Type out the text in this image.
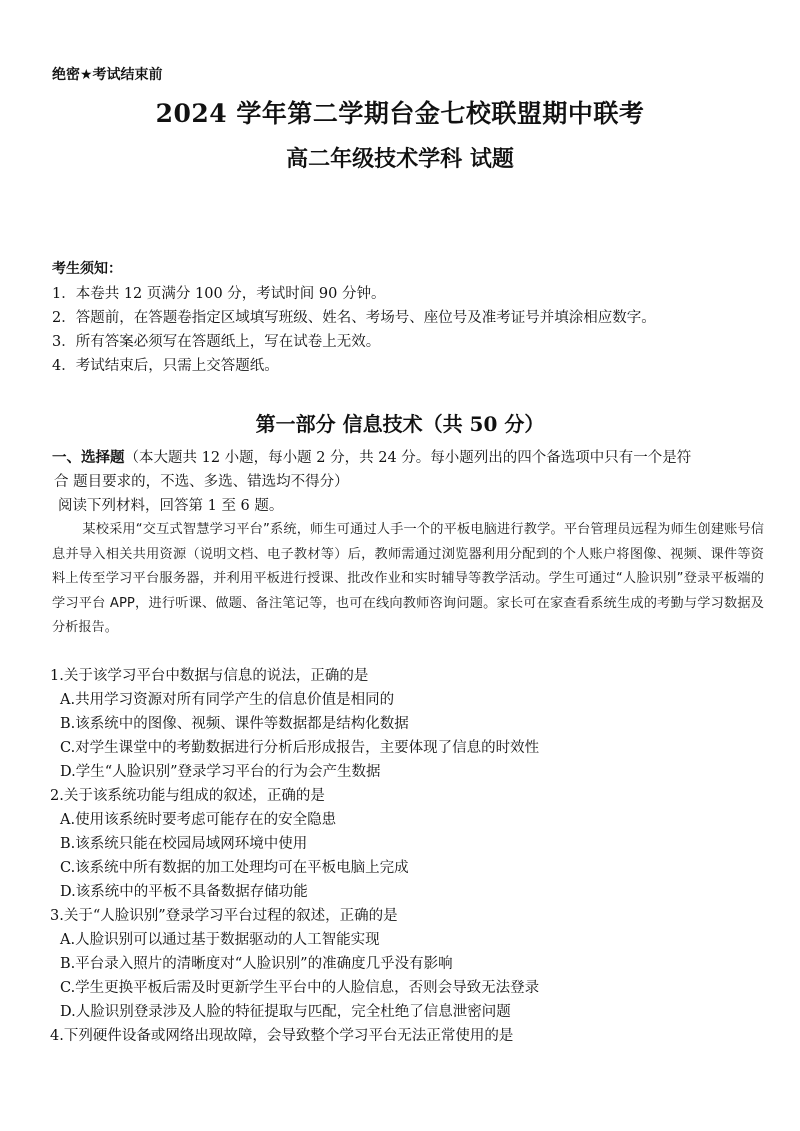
绝密★考试结束前
2024 学年第二学期台金七校联盟期中联考
高二年级技术学科 试题
考生须知：
1．本卷共 12 页满分 100 分，考试时间 90 分钟。
2．答题前，在答题卷指定区域填写班级、姓名、考场号、座位号及准考证号并填涂相应数字。
3．所有答案必须写在答题纸上，写在试卷上无效。
4．考试结束后，只需上交答题纸。
第一部分 信息技术（共 50 分）
一、选择题（本大题共 12 小题，每小题 2 分，共 24 分。每小题列出的四个备选项中只有一个是符
合 题目要求的，不选、多选、错选均不得分）
阅读下列材料，回答第 1 至 6 题。
某校采用“交互式智慧学习平台”系统，师生可通过人手一个的平板电脑进行教学。平台管理员远程为师生创建账号信息并导入相关共用资源（说明文档、电子教材等）后，教师需通过浏览器利用分配到的个人账户将图像、视频、课件等资料上传至学习平台服务器，并利用平板进行授课、批改作业和实时辅导等教学活动。学生可通过“人脸识别”登录平板端的学习平台 APP，进行听课、做题、备注笔记等，也可在线向教师咨询问题。家长可在家查看系统生成的考勤与学习数据及分析报告。
1.关于该学习平台中数据与信息的说法，正确的是
A.共用学习资源对所有同学产生的信息价值是相同的
B.该系统中的图像、视频、课件等数据都是结构化数据
C.对学生课堂中的考勤数据进行分析后形成报告，主要体现了信息的时效性
D.学生“人脸识别”登录学习平台的行为会产生数据
2.关于该系统功能与组成的叙述，正确的是
A.使用该系统时要考虑可能存在的安全隐患
B.该系统只能在校园局域网环境中使用
C.该系统中所有数据的加工处理均可在平板电脑上完成
D.该系统中的平板不具备数据存储功能
3.关于“人脸识别”登录学习平台过程的叙述，正确的是
A.人脸识别可以通过基于数据驱动的人工智能实现
B.平台录入照片的清晰度对“人脸识别”的准确度几乎没有影响
C.学生更换平板后需及时更新学生平台中的人脸信息，否则会导致无法登录
D.人脸识别登录涉及人脸的特征提取与匹配，完全杜绝了信息泄密问题
4.下列硬件设备或网络出现故障，会导致整个学习平台无法正常使用的是
